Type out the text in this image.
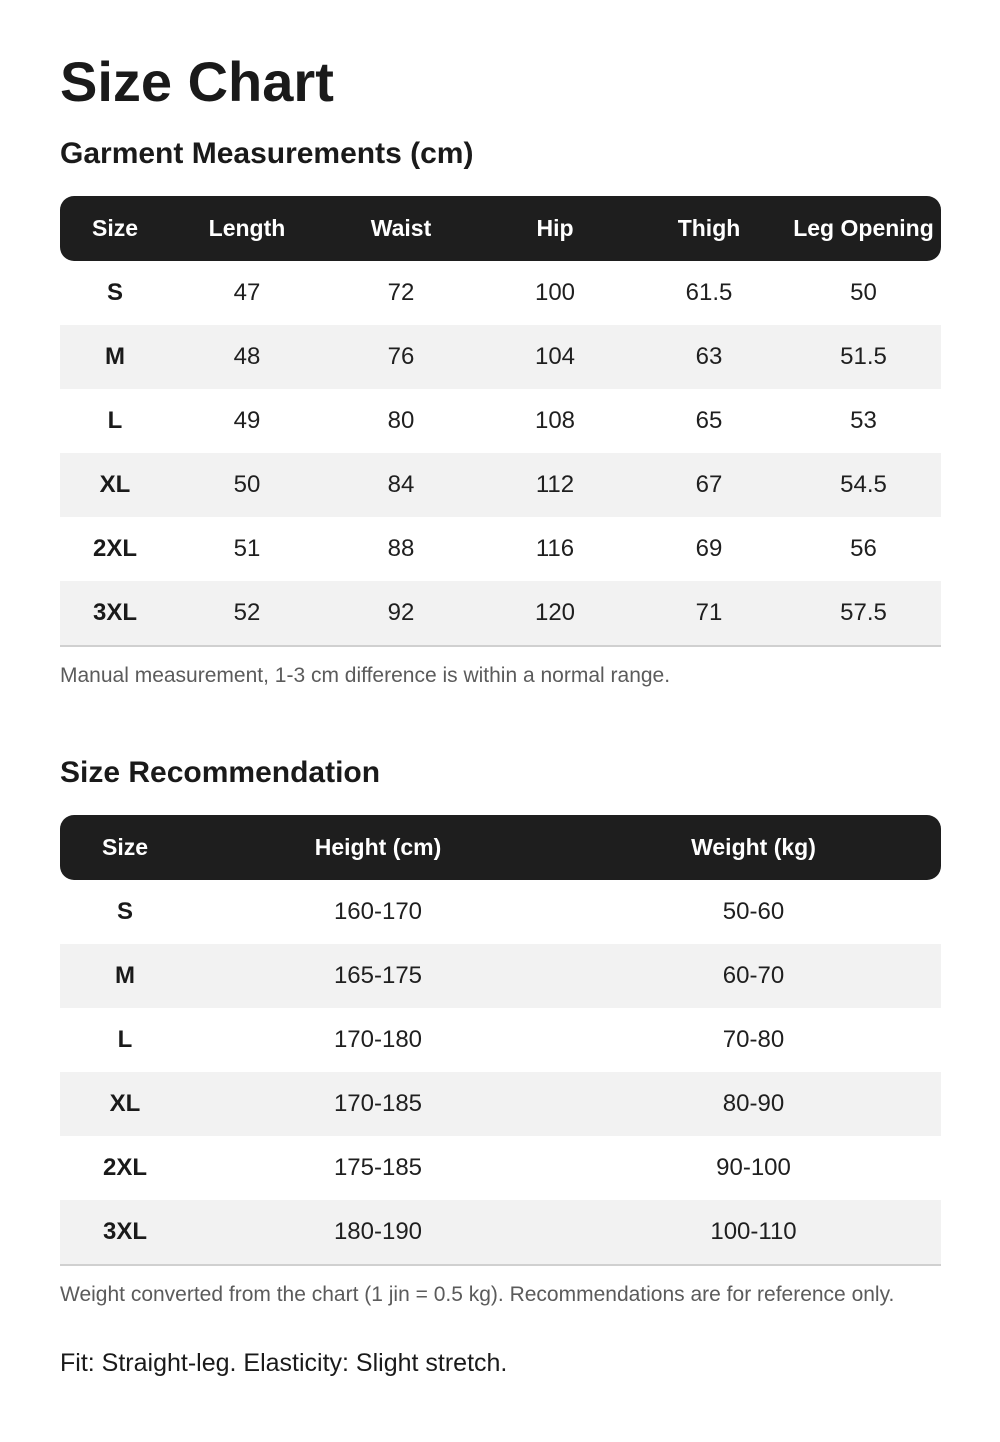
Size Chart
Garment Measurements (cm)
Size	Length	Waist	Hip	Thigh	Leg Opening
S	47	72	100	61.5	50
M	48	76	104	63	51.5
L	49	80	108	65	53
XL	50	84	112	67	54.5
2XL	51	88	116	69	56
3XL	52	92	120	71	57.5

Manual measurement, 1-3 cm difference is within a normal range.

Size Recommendation
Size	Height (cm)	Weight (kg)
S	160-170	50-60
M	165-175	60-70
L	170-180	70-80
XL	170-185	80-90
2XL	175-185	90-100
3XL	180-190	100-110

Weight converted from the chart (1 jin = 0.5 kg). Recommendations are for reference only.

Fit: Straight-leg. Elasticity: Slight stretch.
